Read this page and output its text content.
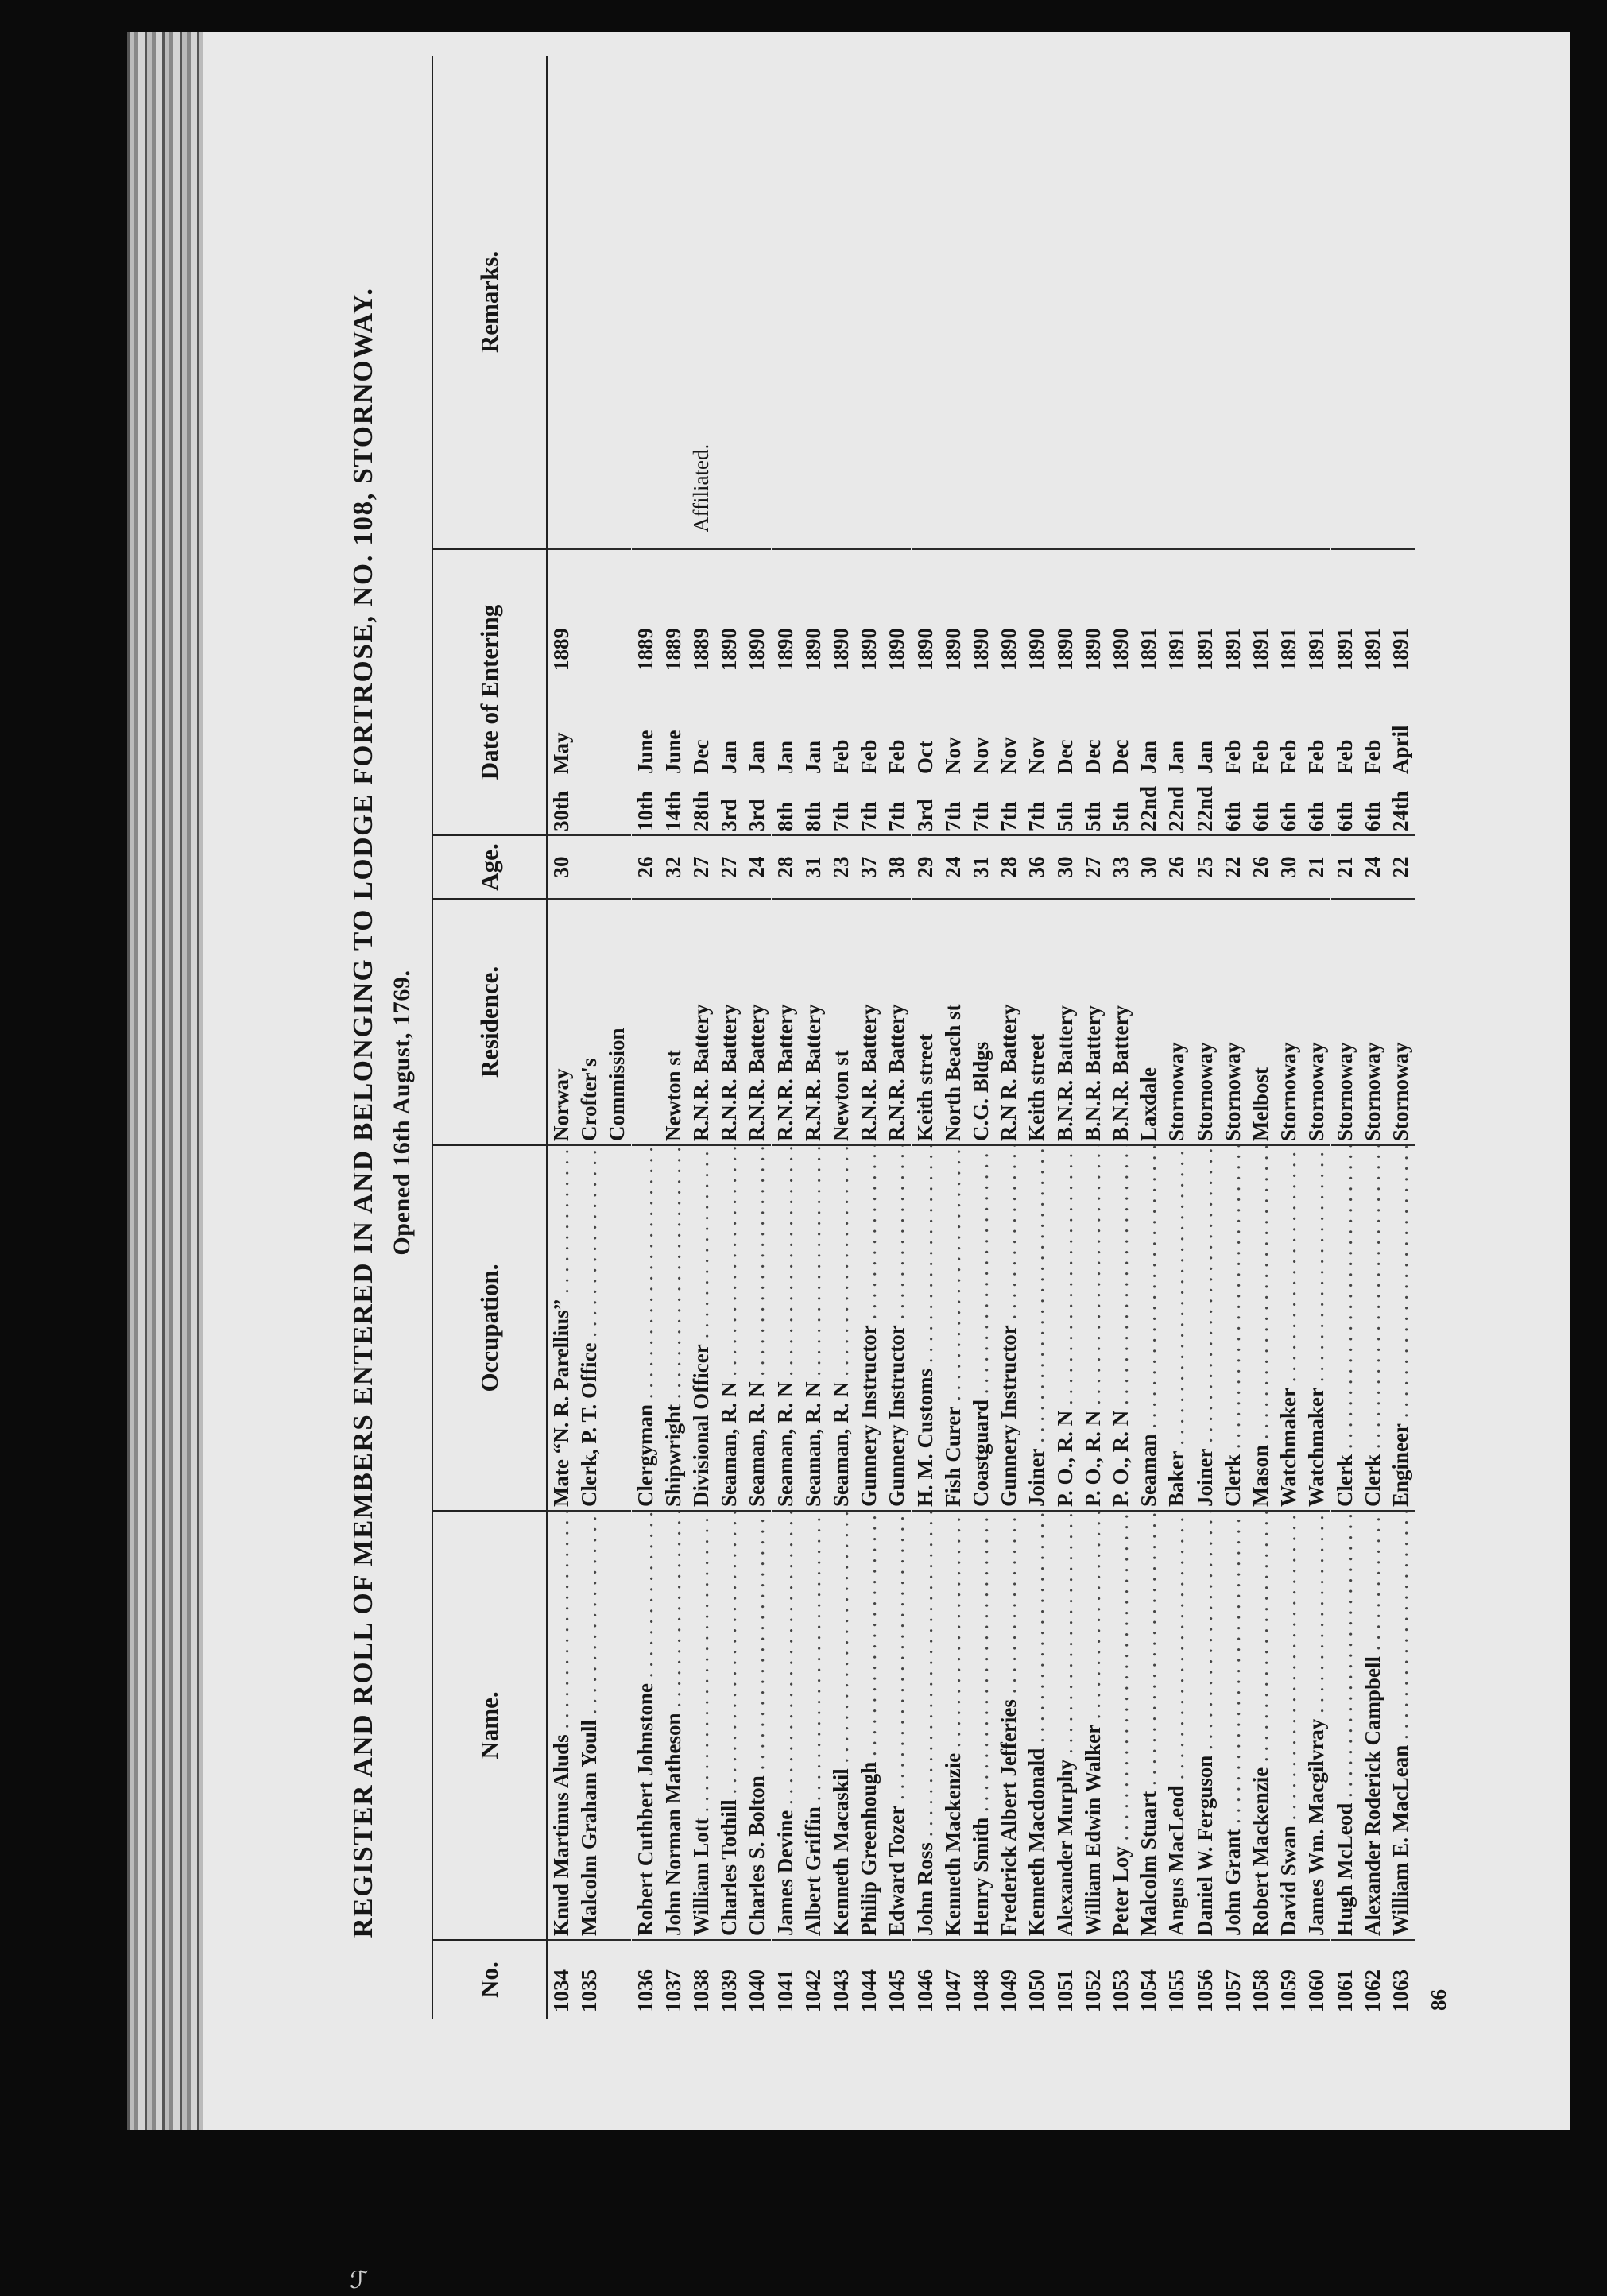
REGISTER AND ROLL OF MEMBERS ENTERED IN AND BELONGING TO LODGE FORTROSE, NO. 108, STORNOWAY. Opened 16th August, 1769.
No.
Name.
Occupation.
Residence.
Age.
Date of Entering
Remarks.
1034
Knud Martinus Aluds . . .
Mate “N. R. Parellius” . . .
Norway
30
30thMay1889
1035
Malcolm Graham Youll . . .
Clerk, P. T. Office . . .
Crofter's Commission
1036
Robert Cuthbert Johnstone . . .
Clergyman . . .
26
10thJune1889
1037
John Norman Matheson . . .
Shipwright . . .
Newton st
32
14thJune1889
1038
William Lott . . .
Divisional Officer . . .
R.N.R. Battery
27
28thDec1889
Affiliated.
1039
Charles Tothill . . .
Seaman, R. N . . .
R.N.R. Battery
27
3rdJan1890
1040
Charles S. Bolton . . .
Seaman, R. N . . .
R.N.R. Battery
24
3rdJan1890
1041
James Devine . . .
Seaman, R. N . . .
R.N.R. Battery
28
8thJan1890
1042
Albert Griffin . . .
Seaman, R. N . . .
R.N.R. Battery
31
8thJan1890
1043
Kenneth Macaskil . . .
Seaman, R. N . . .
Newton st
23
7thFeb1890
1044
Philip Greenhough . . .
Gunnery Instructor . . .
R.N.R. Battery
37
7thFeb1890
1045
Edward Tozer . . .
Gunnery Instructor . . .
R.N.R. Battery
38
7thFeb1890
1046
John Ross . . .
H. M. Customs . . .
Keith street
29
3rdOct1890
1047
Kenneth Mackenzie . . .
Fish Curer . . .
North Beach st
24
7thNov1890
1048
Henry Smith . . .
Coastguard . . .
C.G. Bldgs
31
7thNov1890
1049
Frederick Albert Jefferies . . .
Gunnery Instructor . . .
R.N R. Battery
28
7thNov1890
1050
Kenneth Macdonald . . .
Joiner . . .
Keith street
36
7thNov1890
1051
Alexander Murphy . . .
P. O., R. N . . .
B.N.R. Battery
30
5thDec1890
1052
William Edwin Walker . . .
P. O., R. N . . .
B.N.R. Battery
27
5thDec1890
1053
Peter Loy . . .
P. O., R. N . . .
B.N.R. Battery
33
5thDec1890
1054
Malcolm Stuart . . .
Seaman . . .
Laxdale
30
22ndJan1891
1055
Angus MacLeod . . .
Baker . . .
Stornoway
26
22ndJan1891
1056
Daniel W. Ferguson . . .
Joiner . . .
Stornoway
25
22ndJan1891
1057
John Grant . . .
Clerk . . .
Stornoway
22
6thFeb1891
1058
Robert Mackenzie . . .
Mason . . .
Melbost
26
6thFeb1891
1059
David Swan . . .
Watchmaker . . .
Stornoway
30
6thFeb1891
1060
James Wm. Macgilvray . . .
Watchmaker . . .
Stornoway
21
6thFeb1891
1061
Hugh McLeod . . .
Clerk . . .
Stornoway
21
6thFeb1891
1062
Alexander Roderick Campbell . . .
Clerk . . .
Stornoway
24
6thFeb1891
1063
William E. MacLean . . .
Engineer . . .
Stornoway
22
24thApril1891
86
ℱ
